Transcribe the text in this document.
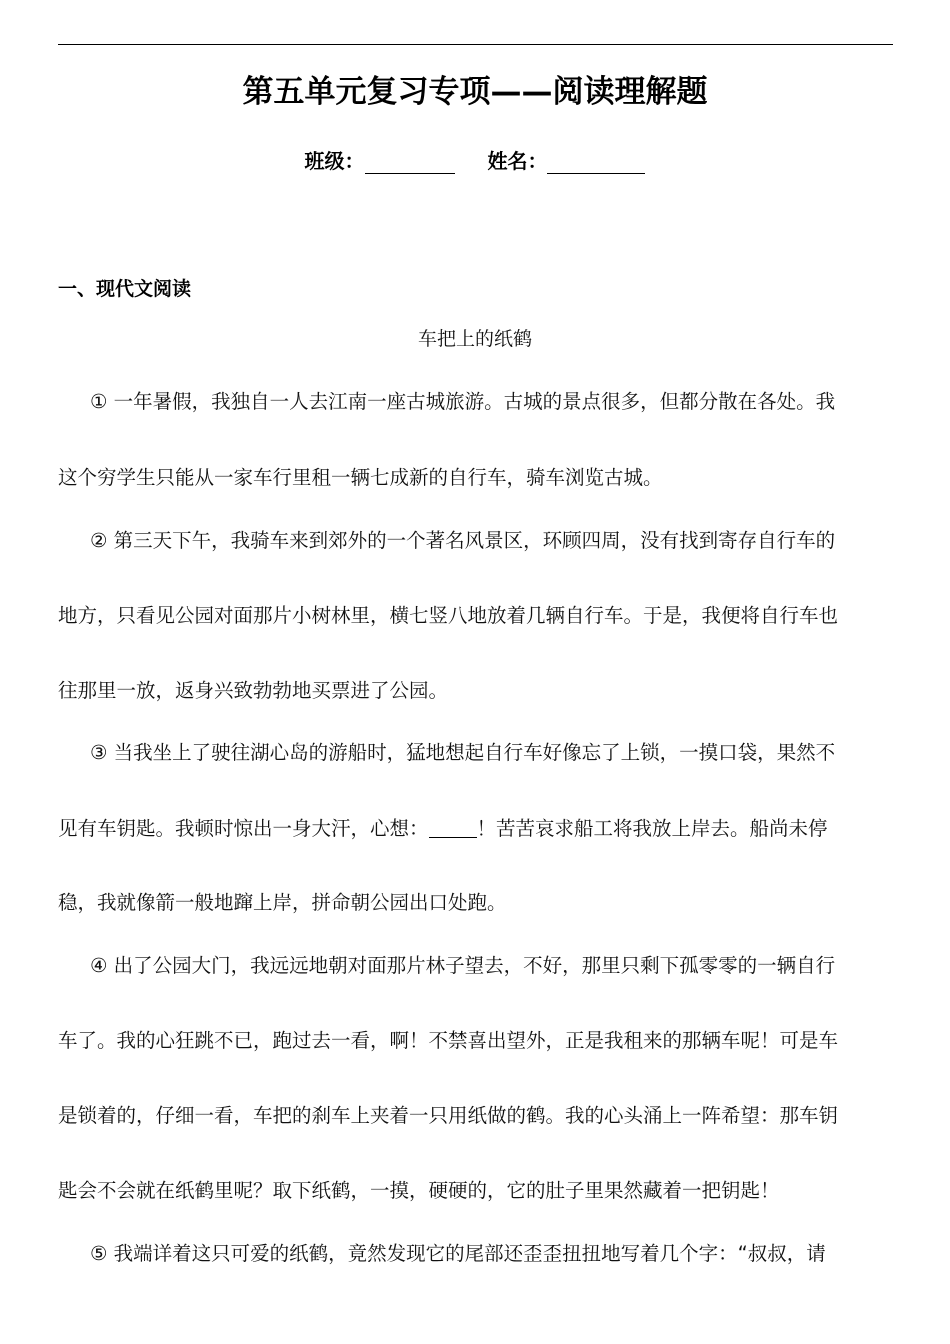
第五单元复习专项——阅读理解题
班级：	姓名：
一、现代文阅读
车把上的纸鹤
① 一年暑假，我独自一人去江南一座古城旅游。古城的景点很多，但都分散在各处。我
这个穷学生只能从一家车行里租一辆七成新的自行车，骑车浏览古城。
② 第三天下午，我骑车来到郊外的一个著名风景区，环顾四周，没有找到寄存自行车的
地方，只看见公园对面那片小树林里，横七竖八地放着几辆自行车。于是，我便将自行车也
往那里一放，返身兴致勃勃地买票进了公园。
③ 当我坐上了驶往湖心岛的游船时，猛地想起自行车好像忘了上锁，一摸口袋，果然不
见有车钥匙。我顿时惊出一身大汗，心想： ！苦苦哀求船工将我放上岸去。船尚未停
稳，我就像箭一般地蹿上岸，拼命朝公园出口处跑。
④ 出了公园大门，我远远地朝对面那片林子望去，不好，那里只剩下孤零零的一辆自行
车了。我的心狂跳不已，跑过去一看，啊！不禁喜出望外，正是我租来的那辆车呢！可是车
是锁着的，仔细一看，车把的刹车上夹着一只用纸做的鹤。我的心头涌上一阵希望：那车钥
匙会不会就在纸鹤里呢？取下纸鹤，一摸，硬硬的，它的肚子里果然藏着一把钥匙！
⑤ 我端详着这只可爱的纸鹤，竟然发现它的尾部还歪歪扭扭地写着几个字：“叔叔，请
